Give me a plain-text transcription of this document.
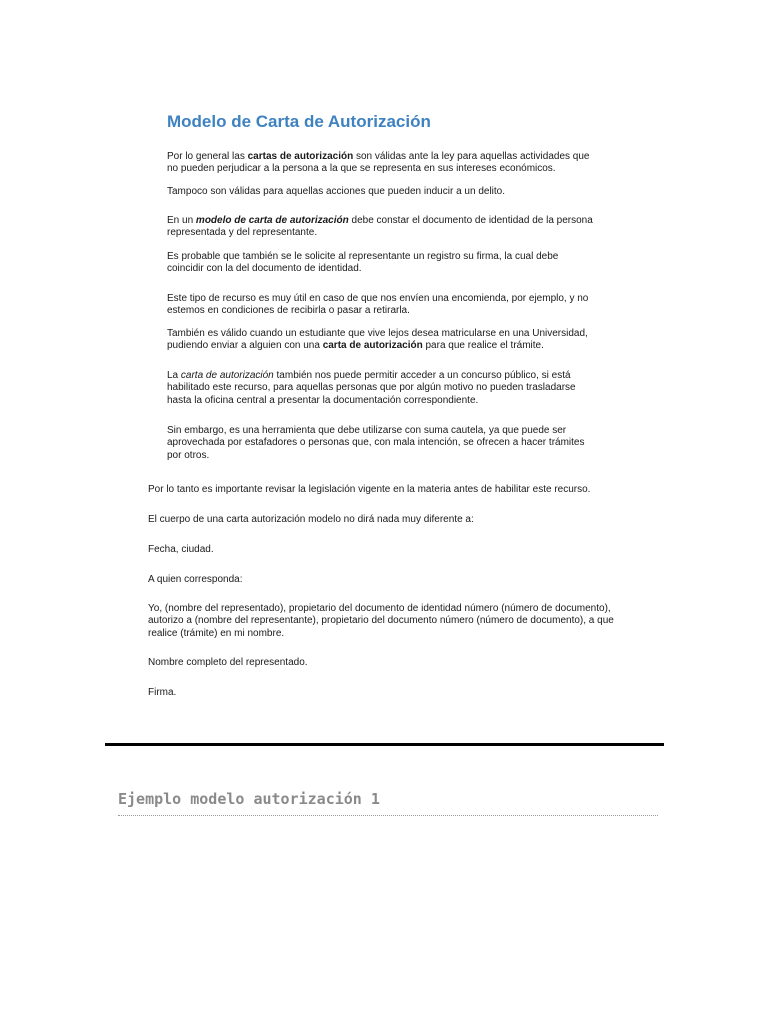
Modelo de Carta de Autorización

Por lo general las cartas de autorización son válidas ante la ley para aquellas actividades que
no pueden perjudicar a la persona a la que se representa en sus intereses económicos.

Tampoco son válidas para aquellas acciones que pueden inducir a un delito.

En un modelo de carta de autorización debe constar el documento de identidad de la persona
representada y del representante.

Es probable que también se le solicite al representante un registro su firma, la cual debe
coincidir con la del documento de identidad.

Este tipo de recurso es muy útil en caso de que nos envíen una encomienda, por ejemplo, y no
estemos en condiciones de recibirla o pasar a retirarla.

También es válido cuando un estudiante que vive lejos desea matricularse en una Universidad,
pudiendo enviar a alguien con una carta de autorización para que realice el trámite.

La carta de autorización también nos puede permitir acceder a un concurso público, si está
habilitado este recurso, para aquellas personas que por algún motivo no pueden trasladarse
hasta la oficina central a presentar la documentación correspondiente.

Sin embargo, es una herramienta que debe utilizarse con suma cautela, ya que puede ser
aprovechada por estafadores o personas que, con mala intención, se ofrecen a hacer trámites
por otros.

Por lo tanto es importante revisar la legislación vigente en la materia antes de habilitar este recurso.

El cuerpo de una carta autorización modelo no dirá nada muy diferente a:

Fecha, ciudad.

A quien corresponda:

Yo, (nombre del representado), propietario del documento de identidad número (número de documento),
autorizo a (nombre del representante), propietario del documento número (número de documento), a que
realice (trámite) en mi nombre.

Nombre completo del representado.

Firma.

Ejemplo modelo autorización 1
